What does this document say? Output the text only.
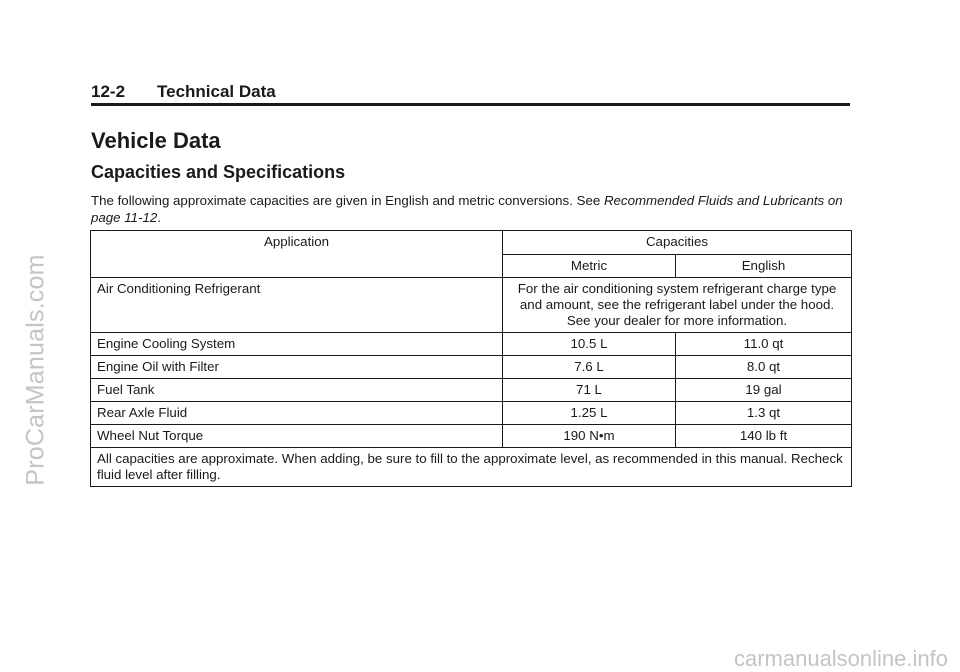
ProCarManuals.com
carmanualsonline.info
12-2 Technical Data
Vehicle Data
Capacities and Specifications
The following approximate capacities are given in English and metric conversions. See Recommended Fluids and Lubricants on page 11-12.
Application	Capacities	
	Metric	English
Air Conditioning Refrigerant	For the air conditioning system refrigerant charge type and amount, see the refrigerant label under the hood. See your dealer for more information.	
Engine Cooling System	10.5 L	11.0 qt
Engine Oil with Filter	7.6 L	8.0 qt
Fuel Tank	71 L	19 gal
Rear Axle Fluid	1.25 L	1.3 qt
Wheel Nut Torque	190 N•m	140 lb ft
All capacities are approximate. When adding, be sure to fill to the approximate level, as recommended in this manual. Recheck fluid level after filling.		
